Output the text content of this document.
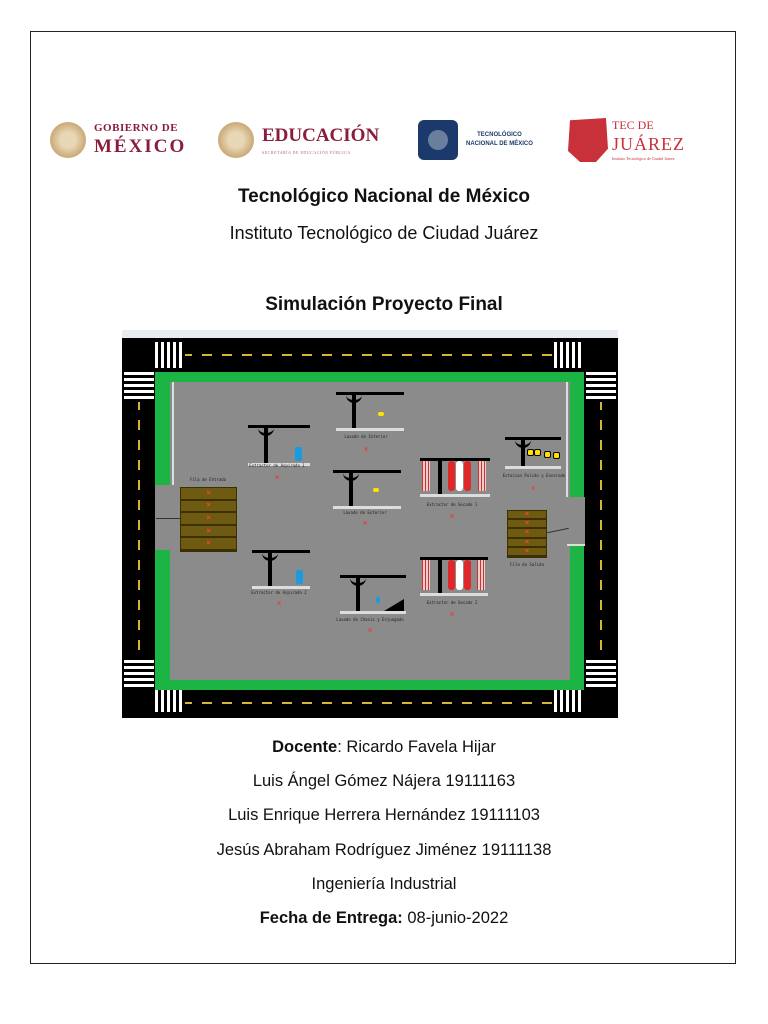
GOBIERNO DE
MÉXICO
EDUCACIÓN
SECRETARÍA DE EDUCACIÓN PÚBLICA
TECNOLÓGICO
NACIONAL DE MÉXICO
TEC DE
JUÁREZ
Instituto Tecnológico de Ciudad Juárez
Tecnológico Nacional de México
Instituto Tecnológico de Ciudad Juárez
Simulación Proyecto Final
Fila de Entrada
×
×
×
×
×
×
×
×
×
×
Fila de Salida
Extractor de Aspirado 1
×
Extractor de Aspirado 2
×
Lavado de Interior
×
Lavado de Exterior
×
Lavado de Chasis y Enjuagado
×
Extractor de Secado 1
×
Extractor de Secado 2
×
Estacion Pulido y Encerado
×
Docente: Ricardo Favela Hijar
Luis Ángel Gómez Nájera 19111163
Luis Enrique Herrera Hernández 19111103
Jesús Abraham Rodríguez Jiménez 19111138
Ingeniería Industrial
Fecha de Entrega: 08-junio-2022
